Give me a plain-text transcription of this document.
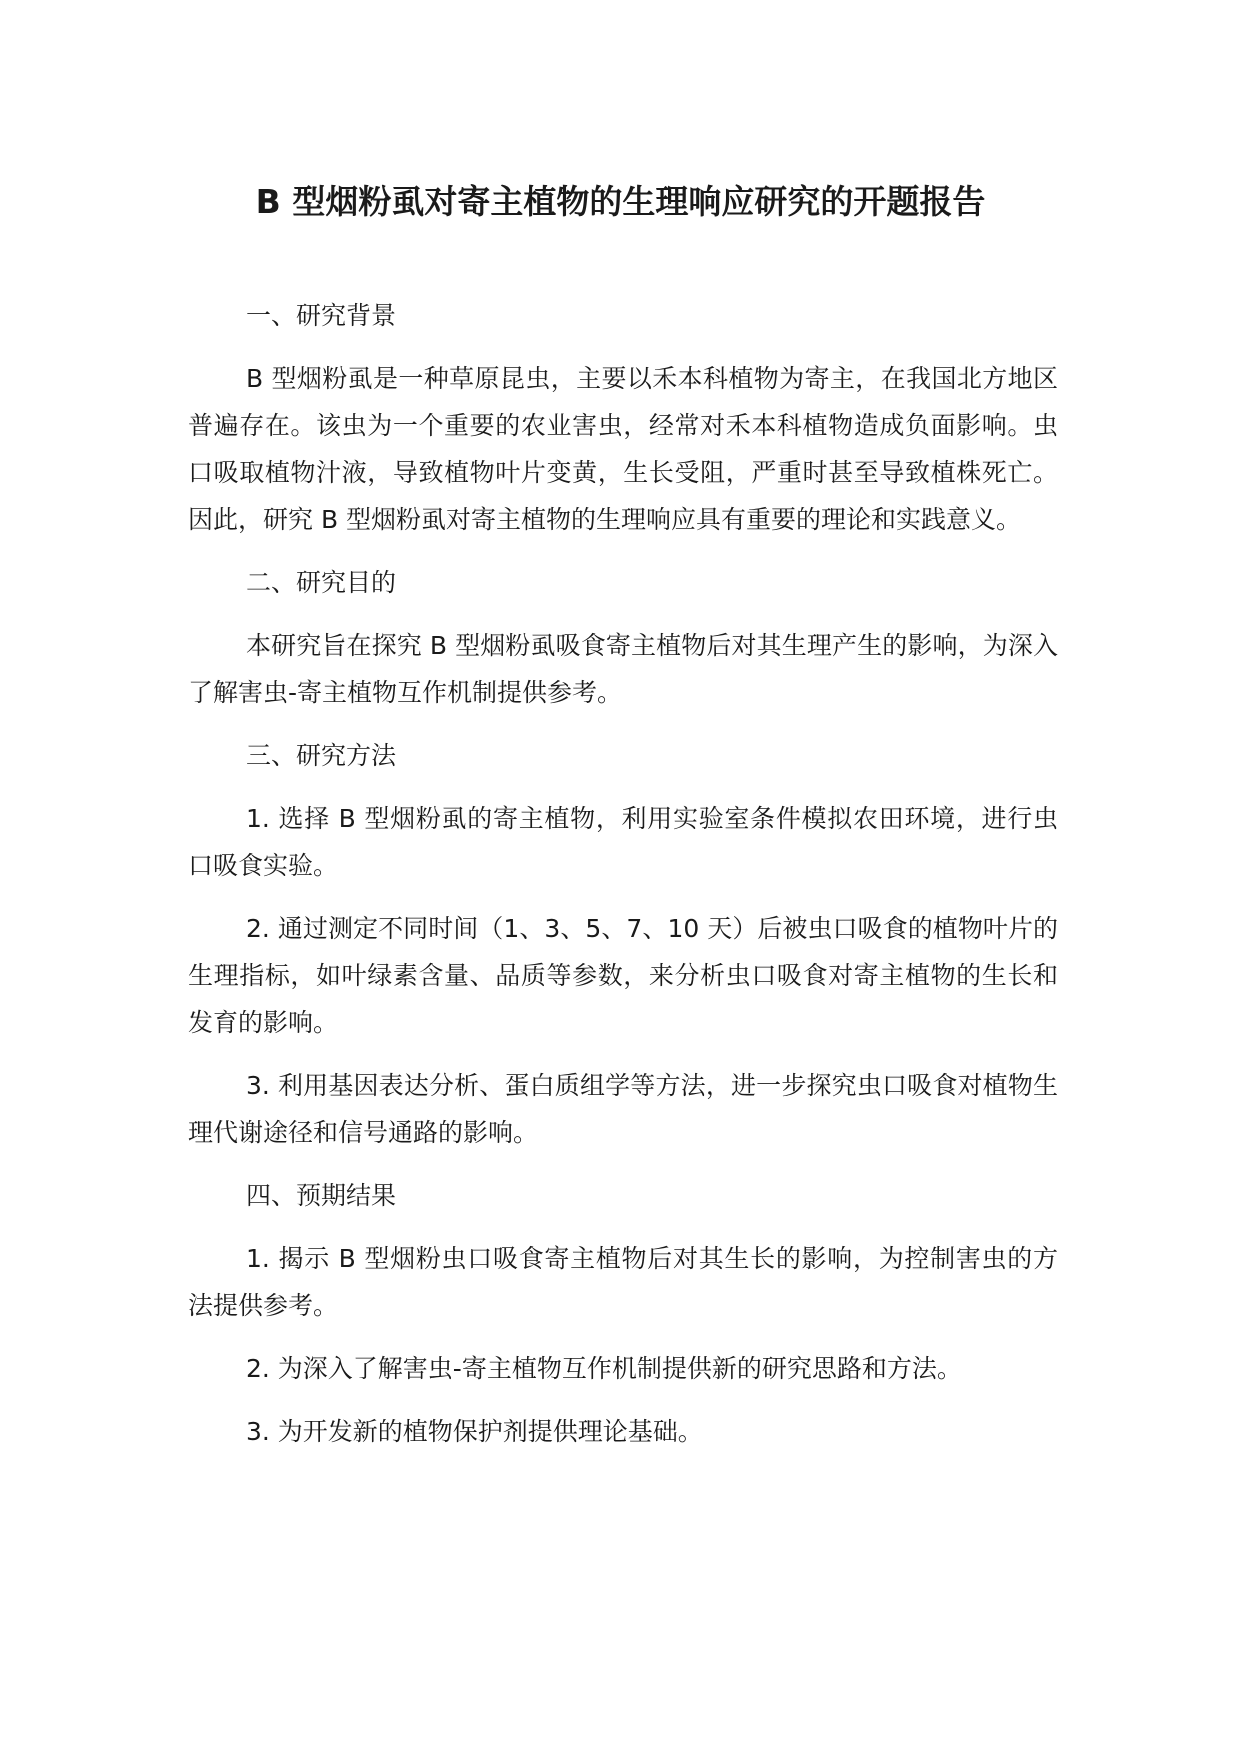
B 型烟粉虱对寄主植物的生理响应研究的开题报告

一、研究背景

B 型烟粉虱是一种草原昆虫，主要以禾本科植物为寄主，在我国北方地区普遍存在。该虫为一个重要的农业害虫，经常对禾本科植物造成负面影响。虫口吸取植物汁液，导致植物叶片变黄，生长受阻，严重时甚至导致植株死亡。因此，研究 B 型烟粉虱对寄主植物的生理响应具有重要的理论和实践意义。

二、研究目的

本研究旨在探究 B 型烟粉虱吸食寄主植物后对其生理产生的影响，为深入了解害虫-寄主植物互作机制提供参考。

三、研究方法

1. 选择 B 型烟粉虱的寄主植物，利用实验室条件模拟农田环境，进行虫口吸食实验。

2. 通过测定不同时间（1、3、5、7、10 天）后被虫口吸食的植物叶片的生理指标，如叶绿素含量、品质等参数，来分析虫口吸食对寄主植物的生长和发育的影响。

3. 利用基因表达分析、蛋白质组学等方法，进一步探究虫口吸食对植物生理代谢途径和信号通路的影响。

四、预期结果

1. 揭示 B 型烟粉虫口吸食寄主植物后对其生长的影响，为控制害虫的方法提供参考。

2. 为深入了解害虫-寄主植物互作机制提供新的研究思路和方法。

3. 为开发新的植物保护剂提供理论基础。
